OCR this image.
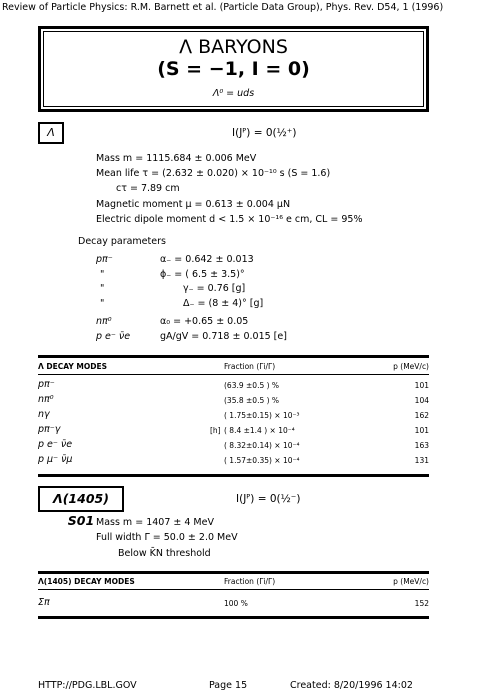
Review of Particle Physics: R.M. Barnett et al. (Particle Data Group), Phys. Rev. D54, 1 (1996)
Λ BARYONS
(S = −1, I = 0)
Λ⁰ = uds
Λ	I(Jᴾ) = 0(½⁺)
Mass m = 1115.684 ± 0.006 MeV
Mean life τ = (2.632 ± 0.020) × 10⁻¹⁰ s (S = 1.6)
cτ = 7.89 cm
Magnetic moment μ = 0.613 ± 0.004 μN
Electric dipole moment d < 1.5 × 10⁻¹⁶ e cm, CL = 95%
Decay parameters
pπ⁻	α₋ = 0.642 ± 0.013
"	ϕ₋ = ( 6.5 ± 3.5)°
"	γ₋ = 0.76 [g]
"	Δ₋ = (8 ± 4)° [g]
nπ⁰	α₀ = +0.65 ± 0.05
p e⁻ ν̄e	gA/gV = 0.718 ± 0.015 [e]
Λ DECAY MODES	Fraction (Γi/Γ)	p (MeV/c)
pπ⁻	(63.9 ±0.5 ) %	101
nπ⁰	(35.8 ±0.5 ) %	104
nγ	( 1.75±0.15) × 10⁻³	162
pπ⁻γ	[h] ( 8.4 ±1.4 ) × 10⁻⁴	101
p e⁻ ν̄e	( 8.32±0.14) × 10⁻⁴	163
p μ⁻ ν̄μ	( 1.57±0.35) × 10⁻⁴	131
Λ(1405) S01
I(Jᴾ) = 0(½⁻)
Mass m = 1407 ± 4 MeV
Full width Γ = 50.0 ± 2.0 MeV
Below K̄N threshold
Λ(1405) DECAY MODES	Fraction (Γi/Γ)	p (MeV/c)
Σπ	100 %	152
HTTP://PDG.LBL.GOV	Page 15	Created: 8/20/1996 14:02
